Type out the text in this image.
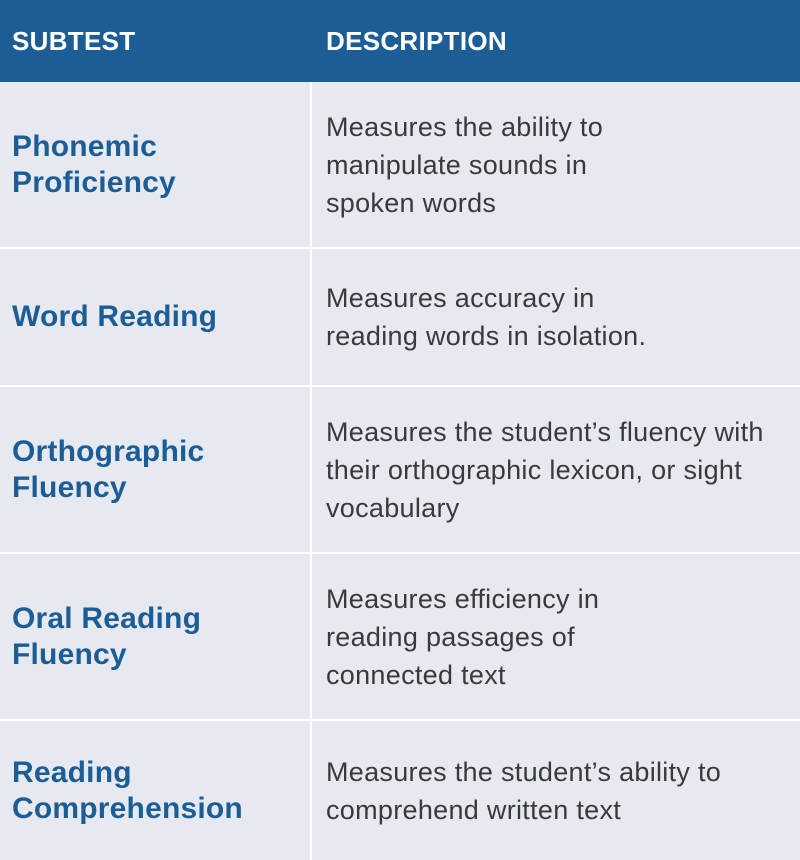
SUBTEST	DESCRIPTION
Phonemic Proficiency
Measures the ability to manipulate sounds in spoken words
Word Reading
Measures accuracy in reading words in isolation.
Orthographic Fluency
Measures the student’s fluency with their orthographic lexicon, or sight vocabulary
Oral Reading Fluency
Measures efficiency in reading passages of connected text
Reading Comprehension
Measures the student’s ability to comprehend written text
